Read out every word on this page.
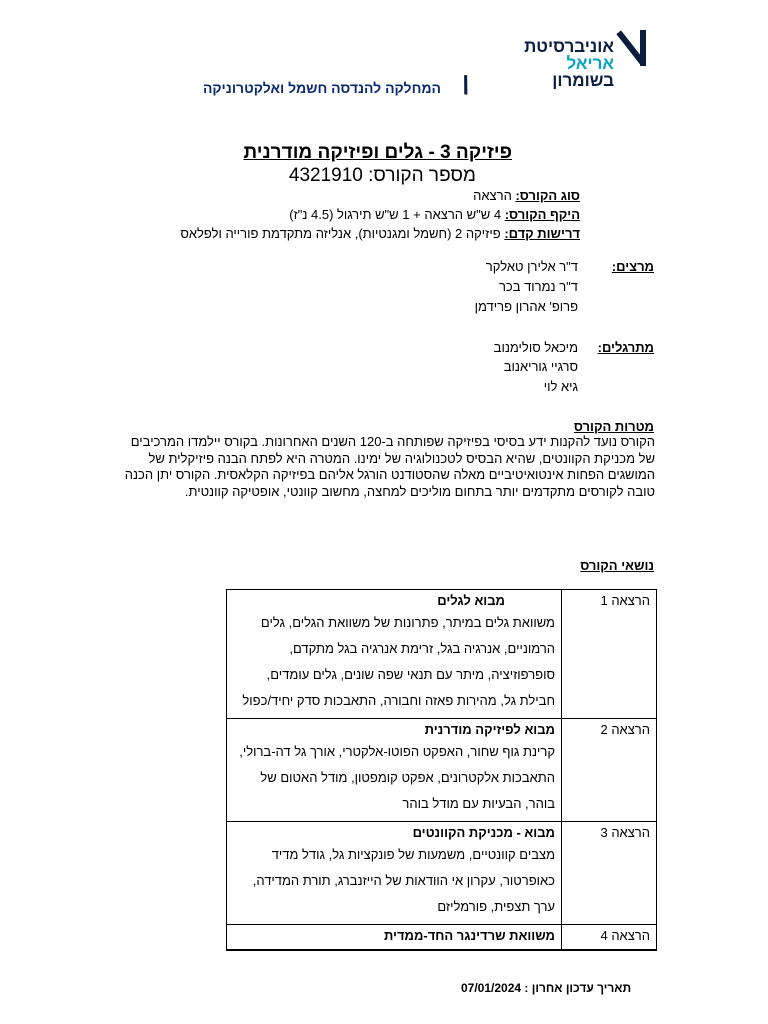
אוניברסיטת
אריאל
בשומרון
\
המחלקה להנדסה חשמל ואלקטרוניקה
פיזיקה 3 - גלים ופיזיקה מודרנית
מספר הקורס: 4321910
סוג הקורס: הרצאה
היקף הקורס: 4 ש"ש הרצאה + 1 ש"ש תירגול (4.5 נ"ז)
דרישות קדם: פיזיקה 2 (חשמל ומגנטיות), אנליזה מתקדמת פורייה ולפלאס
מרצים:
ד"ר אלירן טאלקר
ד"ר נמרוד בכר
פרופ' אהרון פרידמן
מתרגלים:
מיכאל סולימנוב
סרגיי גוריאנוב
גיא לוי
מטרות הקורס
הקורס נועד להקנות ידע בסיסי בפיזיקה שפותחה ב-120 השנים האחרונות. בקורס יילמדו המרכיבים של מכניקת הקוונטים, שהיא הבסיס לטכנולוגיה של ימינו. המטרה היא לפתח הבנה פיזיקלית של המושגים הפחות אינטואיטיביים מאלה שהסטודנט הורגל אליהם בפיזיקה הקלאסית. הקורס יתן הכנה טובה לקורסים מתקדמים יותר בתחום מוליכים למחצה, מחשוב קוונטי, אופטיקה קוונטית.
נושאי הקורס
הרצאה 1	מבוא לגלים
משוואת גלים במיתר, פתרונות של משוואת הגלים, גלים הרמוניים, אנרגיה בגל, זרימת אנרגיה בגל מתקדם, סופרפוזיציה, מיתר עם תנאי שפה שונים, גלים עומדים, חבילת גל, מהירות פאזה וחבורה, התאבכות סדק יחיד/כפול

הרצאה 2	מבוא לפיזיקה מודרנית
קרינת גוף שחור, האפקט הפוטו-אלקטרי, אורך גל דה-ברולי, התאבכות אלקטרונים, אפקט קומפטון, מודל האטום של בוהר, הבעיות עם מודל בוהר

הרצאה 3	מבוא - מכניקת הקוונטים
מצבים קוונטיים, משמעות של פונקציות גל, גודל מדיד כאופרטור, עקרון אי הוודאות של הייזנברג, תורת המדידה, ערך תצפית, פורמליזם

הרצאה 4	משוואת שרדינגר החד-ממדית
תאריך עדכון אחרון : 07/01/2024
